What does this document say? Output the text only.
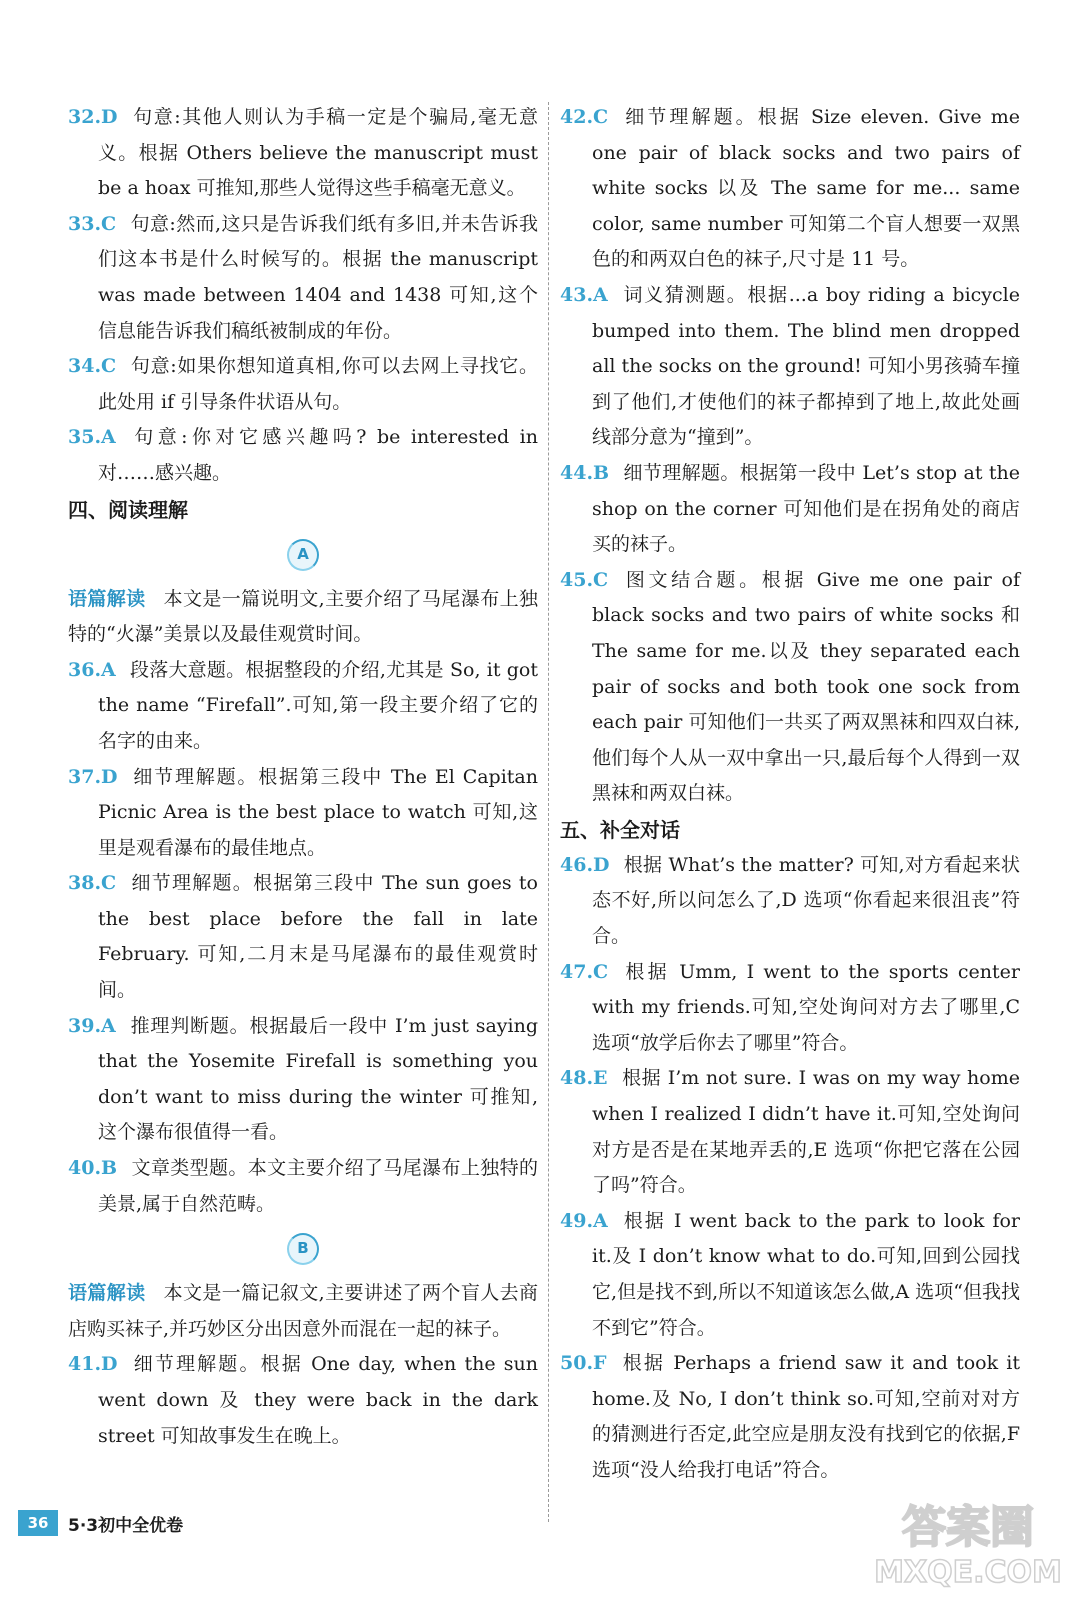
32.D 句意:其他人则认为手稿一定是个骗局,毫无意义。根据 Others believe the manuscript must be a hoax 可推知,那些人觉得这些手稿毫无意义。

33.C 句意:然而,这只是告诉我们纸有多旧,并未告诉我们这本书是什么时候写的。根据 the manuscript was made between 1404 and 1438 可知,这个信息能告诉我们稿纸被制成的年份。

34.C 句意:如果你想知道真相,你可以去网上寻找它。此处用 if 引导条件状语从句。

35.A 句意:你对它感兴趣吗? be interested in 对……感兴趣。

四、阅读理解

A

语篇解读 本文是一篇说明文,主要介绍了马尾瀑布上独特的“火瀑”美景以及最佳观赏时间。

36.A 段落大意题。根据整段的介绍,尤其是 So, it got the name “Firefall”.可知,第一段主要介绍了它的名字的由来。

37.D 细节理解题。根据第三段中 The El Capitan Picnic Area is the best place to watch 可知,这里是观看瀑布的最佳地点。

38.C 细节理解题。根据第三段中 The sun goes to the best place before the fall in late February. 可知,二月末是马尾瀑布的最佳观赏时间。

39.A 推理判断题。根据最后一段中 I’m just saying that the Yosemite Firefall is something you don’t want to miss during the winter 可推知,这个瀑布很值得一看。

40.B 文章类型题。本文主要介绍了马尾瀑布上独特的美景,属于自然范畴。

B

语篇解读 本文是一篇记叙文,主要讲述了两个盲人去商店购买袜子,并巧妙区分出因意外而混在一起的袜子。

41.D 细节理解题。根据 One day, when the sun went down 及 they were back in the dark street 可知故事发生在晚上。

42.C 细节理解题。根据 Size eleven. Give me one pair of black socks and two pairs of white socks 以及 The same for me... same color, same number 可知第二个盲人想要一双黑色的和两双白色的袜子,尺寸是 11 号。

43.A 词义猜测题。根据...a boy riding a bicycle bumped into them. The blind men dropped all the socks on the ground! 可知小男孩骑车撞到了他们,才使他们的袜子都掉到了地上,故此处画线部分意为“撞到”。

44.B 细节理解题。根据第一段中 Let’s stop at the shop on the corner 可知他们是在拐角处的商店买的袜子。

45.C 图文结合题。根据 Give me one pair of black socks and two pairs of white socks 和 The same for me.以及 they separated each pair of socks and both took one sock from each pair 可知他们一共买了两双黑袜和四双白袜,他们每个人从一双中拿出一只,最后每个人得到一双黑袜和两双白袜。

五、补全对话

46.D 根据 What’s the matter? 可知,对方看起来状态不好,所以问怎么了,D 选项“你看起来很沮丧”符合。

47.C 根据 Umm, I went to the sports center with my friends.可知,空处询问对方去了哪里,C 选项“放学后你去了哪里”符合。

48.E 根据 I’m not sure. I was on my way home when I realized I didn’t have it.可知,空处询问对方是否是在某地弄丢的,E 选项“你把它落在公园了吗”符合。

49.A 根据 I went back to the park to look for it.及 I don’t know what to do.可知,回到公园找它,但是找不到,所以不知道该怎么做,A 选项“但我找不到它”符合。

50.F 根据 Perhaps a friend saw it and took it home.及 No, I don’t think so.可知,空前对对方的猜测进行否定,此空应是朋友没有找到它的依据,F 选项“没人给我打电话”符合。

36	5·3初中全优卷	答案圈
MXQE.COM
